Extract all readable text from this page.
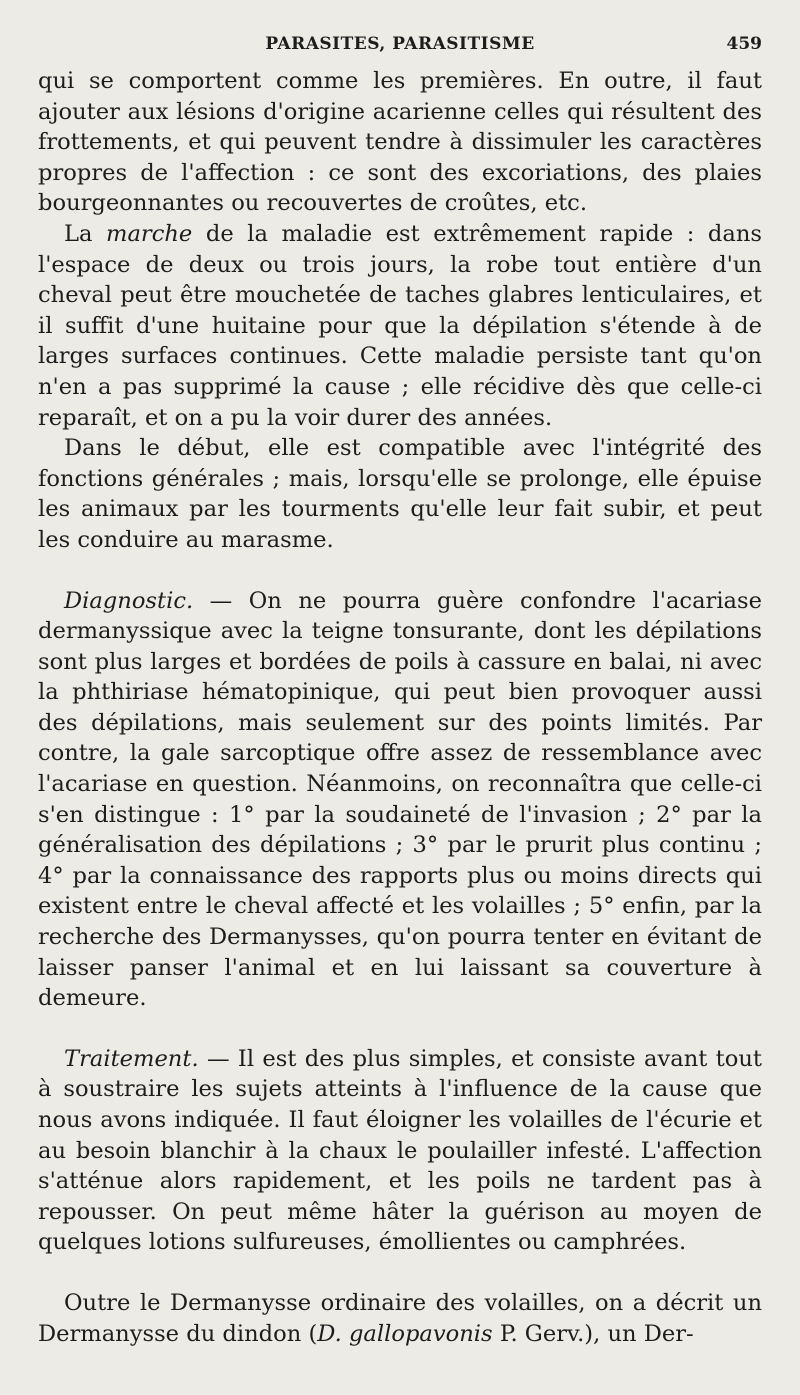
PARASITES, PARASITISME	459

qui se comportent comme les premières. En outre, il faut ajouter aux lésions d'origine acarienne celles qui résultent des frottements, et qui peuvent tendre à dissimuler les caractères propres de l'affection : ce sont des excoriations, des plaies bourgeonnantes ou recouvertes de croûtes, etc.

La marche de la maladie est extrêmement rapide : dans l'espace de deux ou trois jours, la robe tout entière d'un cheval peut être mouchetée de taches glabres lenticulaires, et il suffit d'une huitaine pour que la dépilation s'étende à de larges surfaces continues. Cette maladie persiste tant qu'on n'en a pas supprimé la cause ; elle récidive dès que celle-ci reparaît, et on a pu la voir durer des années.

Dans le début, elle est compatible avec l'intégrité des fonctions générales ; mais, lorsqu'elle se prolonge, elle épuise les animaux par les tourments qu'elle leur fait subir, et peut les conduire au marasme.

Diagnostic. — On ne pourra guère confondre l'acariase dermanyssique avec la teigne tonsurante, dont les dépilations sont plus larges et bordées de poils à cassure en balai, ni avec la phthiriase hématopinique, qui peut bien provoquer aussi des dépilations, mais seulement sur des points limités. Par contre, la gale sarcoptique offre assez de ressemblance avec l'acariase en question. Néanmoins, on reconnaîtra que celle-ci s'en distingue : 1° par la soudaineté de l'invasion ; 2° par la généralisation des dépilations ; 3° par le prurit plus continu ; 4° par la connaissance des rapports plus ou moins directs qui existent entre le cheval affecté et les volailles ; 5° enfin, par la recherche des Dermanysses, qu'on pourra tenter en évitant de laisser panser l'animal et en lui laissant sa couverture à demeure.

Traitement. — Il est des plus simples, et consiste avant tout à soustraire les sujets atteints à l'influence de la cause que nous avons indiquée. Il faut éloigner les volailles de l'écurie et au besoin blanchir à la chaux le poulailler infesté. L'affection s'atténue alors rapidement, et les poils ne tardent pas à repousser. On peut même hâter la guérison au moyen de quelques lotions sulfureuses, émollientes ou camphrées.

Outre le Dermanysse ordinaire des volailles, on a décrit un Dermanysse du dindon (D. gallopavonis P. Gerv.), un Der-
